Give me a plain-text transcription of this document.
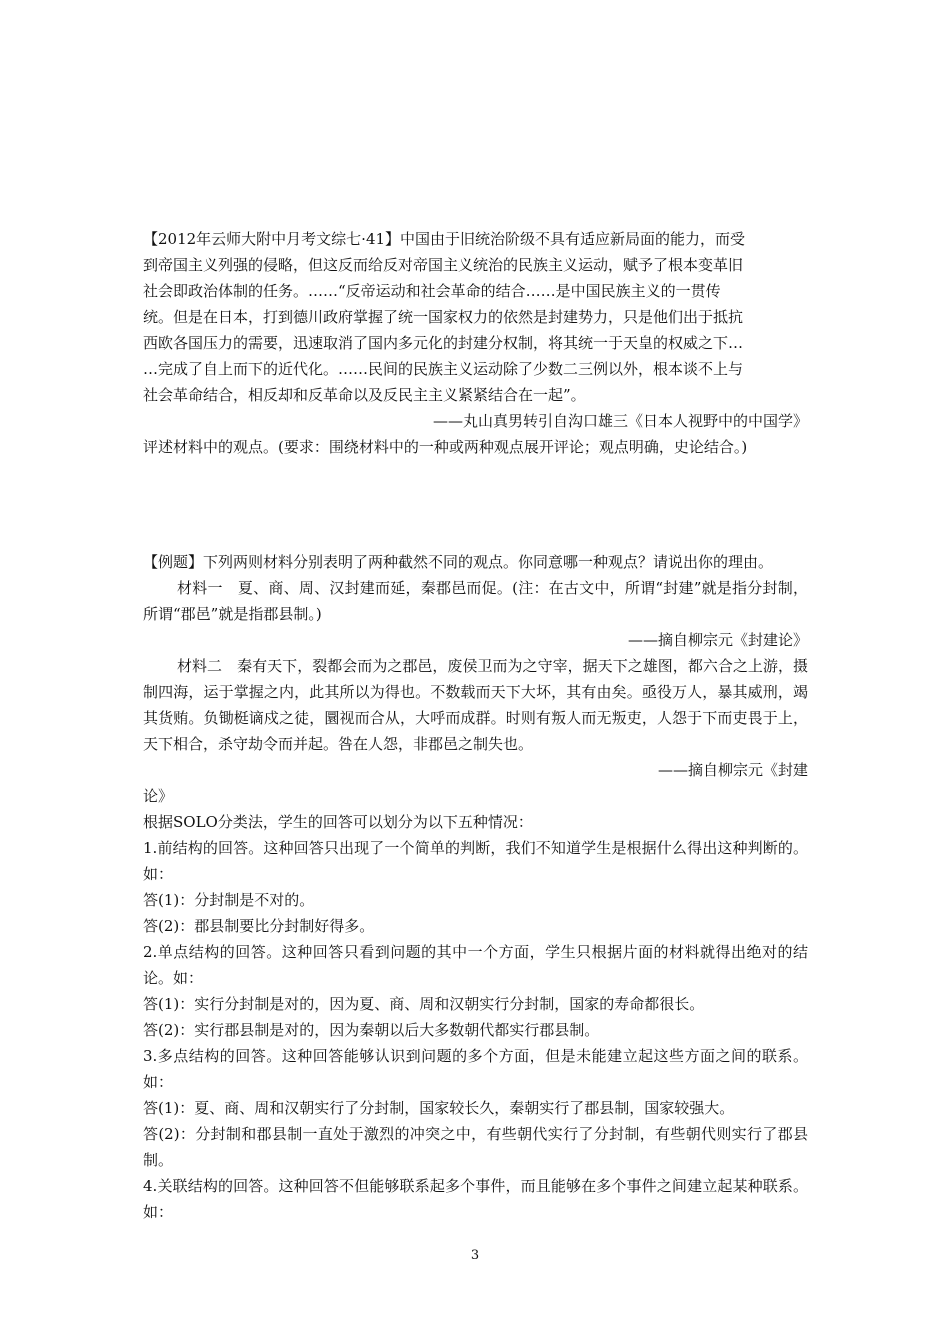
【2012年云师大附中月考文综七·41】中国由于旧统治阶级不具有适应新局面的能力，而受

到帝国主义列强的侵略，但这反而给反对帝国主义统治的民族主义运动，赋予了根本变革旧

社会即政治体制的任务。……“反帝运动和社会革命的结合……是中国民族主义的一贯传

统。但是在日本，打到德川政府掌握了统一国家权力的依然是封建势力，只是他们出于抵抗

西欧各国压力的需要，迅速取消了国内多元化的封建分权制，将其统一于天皇的权威之下…

…完成了自上而下的近代化。……民间的民族主义运动除了少数二三例以外，根本谈不上与

社会革命结合，相反却和反革命以及反民主主义紧紧结合在一起”。

——丸山真男转引自沟口雄三《日本人视野中的中国学》

评述材料中的观点。(要求：围绕材料中的一种或两种观点展开评论；观点明确，史论结合。)

【例题】下列两则材料分别表明了两种截然不同的观点。你同意哪一种观点？请说出你的理由。

材料一　夏、商、周、汉封建而延，秦郡邑而促。(注：在古文中，所谓“封建”就是指分封制，所谓“郡邑”就是指郡县制。)

——摘自柳宗元《封建论》

材料二　秦有天下，裂都会而为之郡邑，废侯卫而为之守宰，据天下之雄图，都六合之上游，摄制四海，运于掌握之内，此其所以为得也。不数载而天下大坏，其有由矣。亟役万人，暴其威刑，竭其货贿。负锄梃谪戍之徒，圜视而合从，大呼而成群。时则有叛人而无叛吏，人怨于下而吏畏于上，天下相合，杀守劫令而并起。咎在人怨，非郡邑之制失也。

——摘自柳宗元《封建

论》

根据SOLO分类法，学生的回答可以划分为以下五种情况：

1.前结构的回答。这种回答只出现了一个简单的判断，我们不知道学生是根据什么得出这种判断的。如：

答(1)：分封制是不对的。

答(2)：郡县制要比分封制好得多。

2.单点结构的回答。这种回答只看到问题的其中一个方面，学生只根据片面的材料就得出绝对的结论。如：

答(1)：实行分封制是对的，因为夏、商、周和汉朝实行分封制，国家的寿命都很长。

答(2)：实行郡县制是对的，因为秦朝以后大多数朝代都实行郡县制。

3.多点结构的回答。这种回答能够认识到问题的多个方面，但是未能建立起这些方面之间的联系。如：

答(1)：夏、商、周和汉朝实行了分封制，国家较长久，秦朝实行了郡县制，国家较强大。

答(2)：分封制和郡县制一直处于激烈的冲突之中，有些朝代实行了分封制，有些朝代则实行了郡县制。

4.关联结构的回答。这种回答不但能够联系起多个事件，而且能够在多个事件之间建立起某种联系。如：

3
